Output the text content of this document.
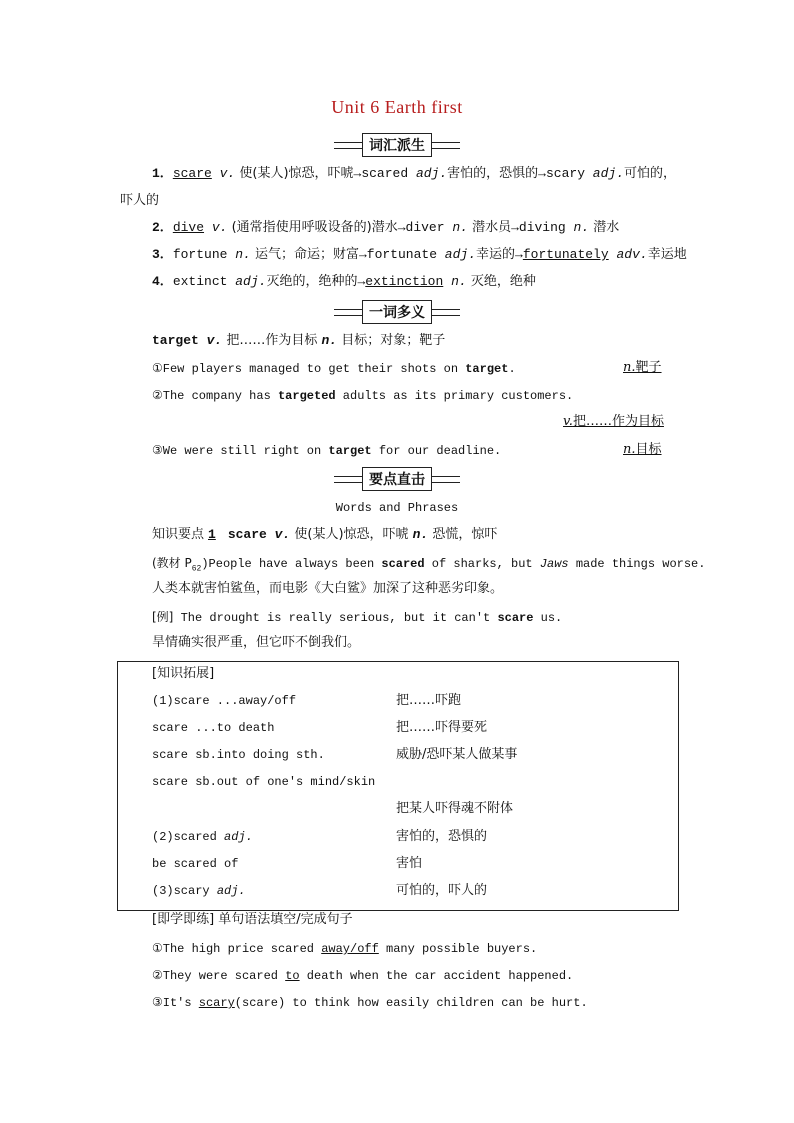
Unit 6 Earth first
词汇派生
1．scare v. 使(某人)惊恐，吓唬→scared adj.害怕的，恐惧的→scary adj.可怕的，
吓人的
2．dive v. (通常指使用呼吸设备的)潜水→diver n. 潜水员→diving n. 潜水
3．fortune n. 运气；命运；财富→fortunate adj.幸运的→fortunately adv.幸运地
4．extinct adj.灭绝的，绝种的→extinction n. 灭绝，绝种
一词多义
target v. 把……作为目标 n. 目标；对象；靶子
①Few players managed to get their shots on target.	n.靶子
②The company has targeted adults as its primary customers.
v.把……作为目标
③We were still right on target for our deadline.	n.目标
要点直击
Words and Phrases
知识要点 1 scare v. 使(某人)惊恐，吓唬 n. 恐慌，惊吓
(教材 $P_{62})People$ have always been scared of sharks, but Jaws made things worse.
人类本就害怕鲨鱼，而电影《大白鲨》加深了这种恶劣印象。
[例] The drought is really serious, but it can't scare us.
旱情确实很严重，但它吓不倒我们。
[知识拓展]
(1)scare ...away/off	把……吓跑
scare ...to death	把……吓得要死
scare sb.into doing sth.	威胁/恐吓某人做某事
scare sb.out of one's mind/skin
把某人吓得魂不附体
(2)scared adj.	害怕的，恐惧的
be scared of	害怕
(3)scary adj.	可怕的，吓人的
[即学即练] 单句语法填空/完成句子
①The high price scared away/off many possible buyers.
②They were scared to death when the car accident happened.
③It's scary(scare) to think how easily children can be hurt.
